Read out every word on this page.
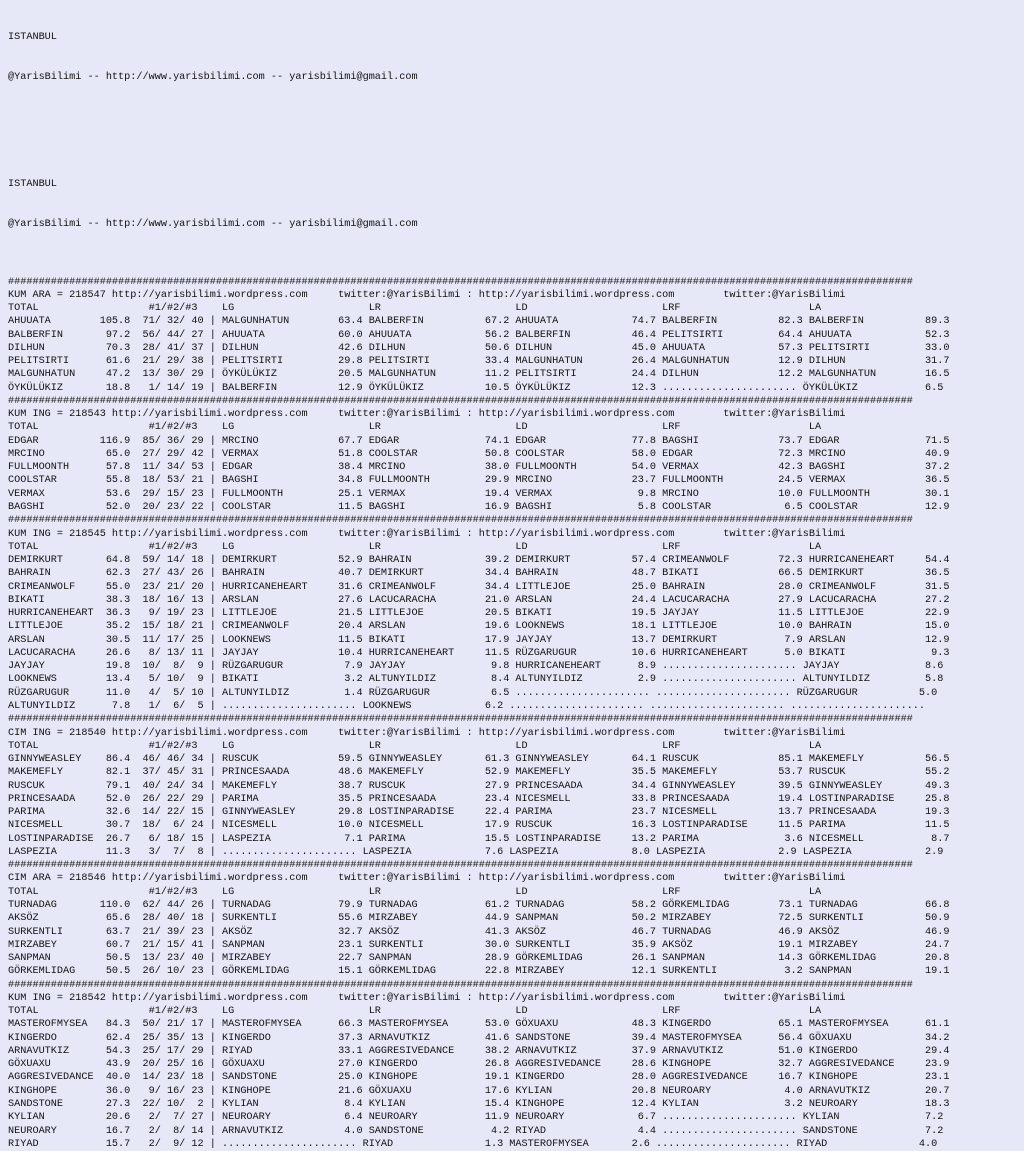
ISTANBUL

@YarisBilimi -- http://www.yarisbilimi.com -- yarisbilimi@gmail.com

ISTANBUL

@YarisBilimi -- http://www.yarisbilimi.com -- yarisbilimi@gmail.com

####################################################################################################################################################
KUM ARA = 218547 http://yarisbilimi.wordpress.com     twitter:@YarisBilimi : http://yarisbilimi.wordpress.com        twitter:@YarisBilimi
TOTAL                  #1/#2/#3    LG                      LR                      LD                      LRF                     LA
AHUUATA        105.8  71/ 32/ 40 | MALGUNHATUN        63.4 BALBERFIN          67.2 AHUUATA            74.7 BALBERFIN          82.3 BALBERFIN          89.3
BALBERFIN       97.2  56/ 44/ 27 | AHUUATA            60.0 AHUUATA            56.2 BALBERFIN          46.4 PELITSIRTI         64.4 AHUUATA            52.3
DILHUN          70.3  28/ 41/ 37 | DILHUN             42.6 DILHUN             50.6 DILHUN             45.0 AHUUATA            57.3 PELITSIRTI         33.0
PELITSIRTI      61.6  21/ 29/ 38 | PELITSIRTI         29.8 PELITSIRTI         33.4 MALGUNHATUN        26.4 MALGUNHATUN        12.9 DILHUN             31.7
MALGUNHATUN     47.2  13/ 30/ 29 | ÖYKÜLÜKIZ          20.5 MALGUNHATUN        11.2 PELITSIRTI         24.4 DILHUN             12.2 MALGUNHATUN        16.5
ÖYKÜLÜKIZ       18.8   1/ 14/ 19 | BALBERFIN          12.9 ÖYKÜLÜKIZ          10.5 ÖYKÜLÜKIZ          12.3 ...................... ÖYKÜLÜKIZ           6.5
####################################################################################################################################################
KUM ING = 218543 http://yarisbilimi.wordpress.com     twitter:@YarisBilimi : http://yarisbilimi.wordpress.com        twitter:@YarisBilimi
TOTAL                  #1/#2/#3    LG                      LR                      LD                      LRF                     LA
EDGAR          116.9  85/ 36/ 29 | MRCINO             67.7 EDGAR              74.1 EDGAR              77.8 BAGSHI             73.7 EDGAR              71.5
MRCINO          65.0  27/ 29/ 42 | VERMAX             51.8 COOLSTAR           50.8 COOLSTAR           58.0 EDGAR              72.3 MRCINO             40.9
FULLMOONTH      57.8  11/ 34/ 53 | EDGAR              38.4 MRCINO             38.0 FULLMOONTH         54.0 VERMAX             42.3 BAGSHI             37.2
COOLSTAR        55.8  18/ 53/ 21 | BAGSHI             34.8 FULLMOONTH         29.9 MRCINO             23.7 FULLMOONTH         24.5 VERMAX             36.5
VERMAX          53.6  29/ 15/ 23 | FULLMOONTH         25.1 VERMAX             19.4 VERMAX              9.8 MRCINO             10.0 FULLMOONTH         30.1
BAGSHI          52.0  20/ 23/ 22 | COOLSTAR           11.5 BAGSHI             16.9 BAGSHI              5.8 COOLSTAR            6.5 COOLSTAR           12.9
####################################################################################################################################################
KUM ING = 218545 http://yarisbilimi.wordpress.com     twitter:@YarisBilimi : http://yarisbilimi.wordpress.com        twitter:@YarisBilimi
TOTAL                  #1/#2/#3    LG                      LR                      LD                      LRF                     LA
DEMIRKURT       64.8  59/ 14/ 18 | DEMIRKURT          52.9 BAHRAIN            39.2 DEMIRKURT          57.4 CRIMEANWOLF        72.3 HURRICANEHEART     54.4
BAHRAIN         62.3  27/ 43/ 26 | BAHRAIN            40.7 DEMIRKURT          34.4 BAHRAIN            48.7 BIKATI             66.5 DEMIRKURT          36.5
CRIMEANWOLF     55.0  23/ 21/ 20 | HURRICANEHEART     31.6 CRIMEANWOLF        34.4 LITTLEJOE          25.0 BAHRAIN            28.0 CRIMEANWOLF        31.5
BIKATI          38.3  18/ 16/ 13 | ARSLAN             27.6 LACUCARACHA        21.0 ARSLAN             24.4 LACUCARACHA        27.9 LACUCARACHA        27.2
HURRICANEHEART  36.3   9/ 19/ 23 | LITTLEJOE          21.5 LITTLEJOE          20.5 BIKATI             19.5 JAYJAY             11.5 LITTLEJOE          22.9
LITTLEJOE       35.2  15/ 18/ 21 | CRIMEANWOLF        20.4 ARSLAN             19.6 LOOKNEWS           18.1 LITTLEJOE          10.0 BAHRAIN            15.0
ARSLAN          30.5  11/ 17/ 25 | LOOKNEWS           11.5 BIKATI             17.9 JAYJAY             13.7 DEMIRKURT           7.9 ARSLAN             12.9
LACUCARACHA     26.6   8/ 13/ 11 | JAYJAY             10.4 HURRICANEHEART     11.5 RÜZGARUGUR         10.6 HURRICANEHEART      5.0 BIKATI              9.3
JAYJAY          19.8  10/  8/  9 | RÜZGARUGUR          7.9 JAYJAY              9.8 HURRICANEHEART      8.9 ...................... JAYJAY              8.6
LOOKNEWS        13.4   5/ 10/  9 | BIKATI              3.2 ALTUNYILDIZ         8.4 ALTUNYILDIZ         2.9 ...................... ALTUNYILDIZ         5.8
RÜZGARUGUR      11.0   4/  5/ 10 | ALTUNYILDIZ         1.4 RÜZGARUGUR          6.5 ...................... ...................... RÜZGARUGUR          5.0
ALTUNYILDIZ      7.8   1/  6/  5 | ...................... LOOKNEWS            6.2 ...................... ...................... ......................
####################################################################################################################################################
CIM ING = 218540 http://yarisbilimi.wordpress.com     twitter:@YarisBilimi : http://yarisbilimi.wordpress.com        twitter:@YarisBilimi
TOTAL                  #1/#2/#3    LG                      LR                      LD                      LRF                     LA
GINNYWEASLEY    86.4  46/ 46/ 34 | RUSCUK             59.5 GINNYWEASLEY       61.3 GINNYWEASLEY       64.1 RUSCUK             85.1 MAKEMEFLY          56.5
MAKEMEFLY       82.1  37/ 45/ 31 | PRINCESAADA        48.6 MAKEMEFLY          52.9 MAKEMEFLY          35.5 MAKEMEFLY          53.7 RUSCUK             55.2
RUSCUK          79.1  40/ 24/ 34 | MAKEMEFLY          38.7 RUSCUK             27.9 PRINCESAADA        34.4 GINNYWEASLEY       39.5 GINNYWEASLEY       49.3
PRINCESAADA     52.0  26/ 22/ 29 | PARIMA             35.5 PRINCESAADA        23.4 NICESMELL          33.8 PRINCESAADA        19.4 LOSTINPARADISE     25.8
PARIMA          32.6  14/ 22/ 15 | GINNYWEASLEY       29.8 LOSTINPARADISE     22.4 PARIMA             23.7 NICESMELL          13.7 PRINCESAADA        19.3
NICESMELL       30.7  18/  6/ 24 | NICESMELL          10.0 NICESMELL          17.9 RUSCUK             16.3 LOSTINPARADISE     11.5 PARIMA             11.5
LOSTINPARADISE  26.7   6/ 18/ 15 | LASPEZIA            7.1 PARIMA             15.5 LOSTINPARADISE     13.2 PARIMA              3.6 NICESMELL           8.7
LASPEZIA        11.3   3/  7/  8 | ...................... LASPEZIA            7.6 LASPEZIA            8.0 LASPEZIA            2.9 LASPEZIA            2.9
####################################################################################################################################################
CIM ARA = 218546 http://yarisbilimi.wordpress.com     twitter:@YarisBilimi : http://yarisbilimi.wordpress.com        twitter:@YarisBilimi
TOTAL                  #1/#2/#3    LG                      LR                      LD                      LRF                     LA
TURNADAG       110.0  62/ 44/ 26 | TURNADAG           79.9 TURNADAG           61.2 TURNADAG           58.2 GÖRKEMLIDAG        73.1 TURNADAG           66.8
AKSÖZ           65.6  28/ 40/ 18 | SURKENTLI          55.6 MIRZABEY           44.9 SANPMAN            50.2 MIRZABEY           72.5 SURKENTLI          50.9
SURKENTLI       63.7  21/ 39/ 23 | AKSÖZ              32.7 AKSÖZ              41.3 AKSÖZ              46.7 TURNADAG           46.9 AKSÖZ              46.9
MIRZABEY        60.7  21/ 15/ 41 | SANPMAN            23.1 SURKENTLI          30.0 SURKENTLI          35.9 AKSÖZ              19.1 MIRZABEY           24.7
SANPMAN         50.5  13/ 23/ 40 | MIRZABEY           22.7 SANPMAN            28.9 GÖRKEMLIDAG        26.1 SANPMAN            14.3 GÖRKEMLIDAG        20.8
GÖRKEMLIDAG     50.5  26/ 10/ 23 | GÖRKEMLIDAG        15.1 GÖRKEMLIDAG        22.8 MIRZABEY           12.1 SURKENTLI           3.2 SANPMAN            19.1
####################################################################################################################################################
KUM ING = 218542 http://yarisbilimi.wordpress.com     twitter:@YarisBilimi : http://yarisbilimi.wordpress.com        twitter:@YarisBilimi
TOTAL                  #1/#2/#3    LG                      LR                      LD                      LRF                     LA
MASTEROFMYSEA   84.3  50/ 21/ 17 | MASTEROFMYSEA      66.3 MASTEROFMYSEA      53.0 GÖXUAXU            48.3 KINGERDO           65.1 MASTEROFMYSEA      61.1
KINGERDO        62.4  25/ 35/ 13 | KINGERDO           37.3 ARNAVUTKIZ         41.6 SANDSTONE          39.4 MASTEROFMYSEA      56.4 GÖXUAXU            34.2
ARNAVUTKIZ      54.3  25/ 17/ 29 | RIYAD              33.1 AGGRESIVEDANCE     38.2 ARNAVUTKIZ         37.9 ARNAVUTKIZ         51.0 KINGERDO           29.4
GÖXUAXU         43.9  20/ 25/ 16 | GÖXUAXU            27.0 KINGERDO           26.8 AGGRESIVEDANCE     28.6 KINGHOPE           32.7 AGGRESIVEDANCE     23.9
AGGRESIVEDANCE  40.0  14/ 23/ 18 | SANDSTONE          25.0 KINGHOPE           19.1 KINGERDO           28.0 AGGRESIVEDANCE     16.7 KINGHOPE           23.1
KINGHOPE        36.0   9/ 16/ 23 | KINGHOPE           21.6 GÖXUAXU            17.6 KYLIAN             20.8 NEUROARY            4.0 ARNAVUTKIZ         20.7
SANDSTONE       27.3  22/ 10/  2 | KYLIAN              8.4 KYLIAN             15.4 KINGHOPE           12.4 KYLIAN              3.2 NEUROARY           18.3
KYLIAN          20.6   2/  7/ 27 | NEUROARY            6.4 NEUROARY           11.9 NEUROARY            6.7 ...................... KYLIAN              7.2
NEUROARY        16.7   2/  8/ 14 | ARNAVUTKIZ          4.0 SANDSTONE           4.2 RIYAD               4.4 ...................... SANDSTONE           7.2
RIYAD           15.7   2/  9/ 12 | ...................... RIYAD               1.3 MASTEROFMYSEA       2.6 ...................... RIYAD               4.0
